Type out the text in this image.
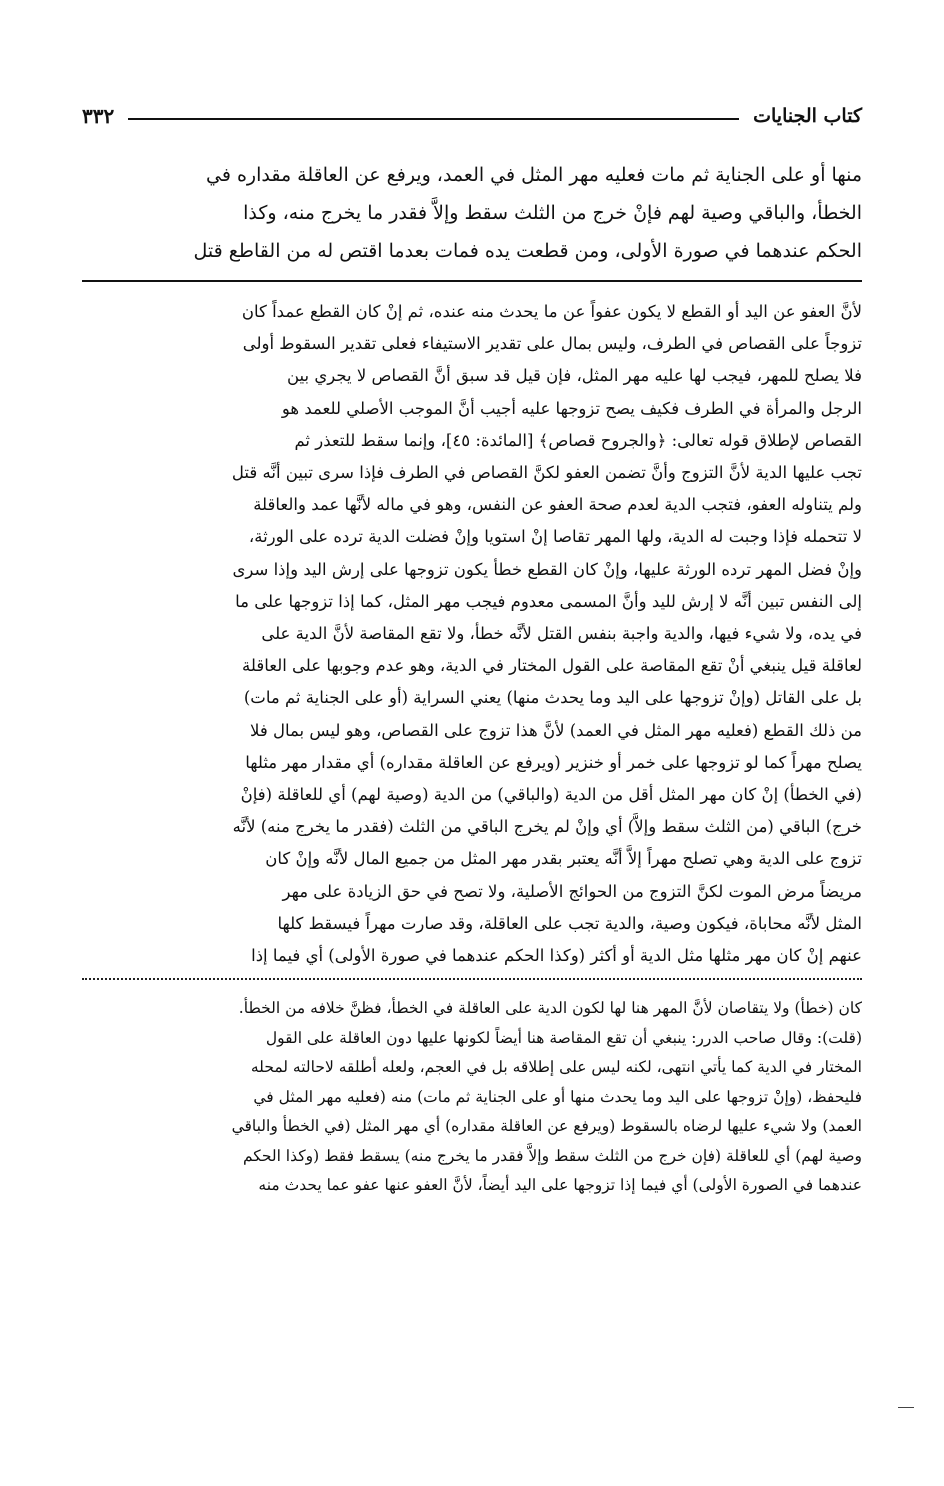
كتاب الجنايات
٣٣٢
منها أو على الجناية ثم مات فعليه مهر المثل في العمد، ويرفع عن العاقلة مقداره في
الخطأ، والباقي وصية لهم فإنْ خرج من الثلث سقط وإلاَّ فقدر ما يخرج منه، وكذا
الحكم عندهما في صورة الأولى، ومن قطعت يده فمات بعدما اقتص له من القاطع قتل
لأنَّ العفو عن اليد أو القطع لا يكون عفواً عن ما يحدث منه عنده، ثم إنْ كان القطع عمداً كان
تزوجاً على القصاص في الطرف، وليس بمال على تقدير الاستيفاء فعلى تقدير السقوط أولى
فلا يصلح للمهر، فيجب لها عليه مهر المثل، فإن قيل قد سبق أنَّ القصاص لا يجري بين
الرجل والمرأة في الطرف فكيف يصح تزوجها عليه أجيب أنَّ الموجب الأصلي للعمد هو
القصاص لإطلاق قوله تعالى: ﴿والجروح قصاص﴾ [المائدة: ٤٥]، وإنما سقط للتعذر ثم
تجب عليها الدية لأنَّ التزوج وأنَّ تضمن العفو لكنَّ القصاص في الطرف فإذا سرى تبين أنَّه قتل
ولم يتناوله العفو، فتجب الدية لعدم صحة العفو عن النفس، وهو في ماله لأنَّها عمد والعاقلة
لا تتحمله فإذا وجبت له الدية، ولها المهر تقاصا إنْ استويا وإنْ فضلت الدية ترده على الورثة،
وإنْ فضل المهر ترده الورثة عليها، وإنْ كان القطع خطأ يكون تزوجها على إرش اليد وإذا سرى
إلى النفس تبين أنَّه لا إرش لليد وأنَّ المسمى معدوم فيجب مهر المثل، كما إذا تزوجها على ما
في يده، ولا شيء فيها، والدية واجبة بنفس القتل لأنَّه خطأ، ولا تقع المقاصة لأنَّ الدية على
لعاقلة قيل ينبغي أنْ تقع المقاصة على القول المختار في الدية، وهو عدم وجوبها على العاقلة
بل على القاتل (وإنْ تزوجها على اليد وما يحدث منها) يعني السراية (أو على الجناية ثم مات)
من ذلك القطع (فعليه مهر المثل في العمد) لأنَّ هذا تزوج على القصاص، وهو ليس بمال فلا
يصلح مهراً كما لو تزوجها على خمر أو خنزير (ويرفع عن العاقلة مقداره) أي مقدار مهر مثلها
(في الخطأ) إنْ كان مهر المثل أقل من الدية (والباقي) من الدية (وصية لهم) أي للعاقلة (فإنْ
خرج) الباقي (من الثلث سقط وإلاَّ) أي وإنْ لم يخرج الباقي من الثلث (فقدر ما يخرج منه) لأنَّه
تزوج على الدية وهي تصلح مهراً إلاَّ أنَّه يعتبر بقدر مهر المثل من جميع المال لأنَّه وإنْ كان
مريضاً مرض الموت لكنَّ التزوج من الحوائج الأصلية، ولا تصح في حق الزيادة على مهر
المثل لأنَّه محاباة، فيكون وصية، والدية تجب على العاقلة، وقد صارت مهراً فيسقط كلها
عنهم إنْ كان مهر مثلها مثل الدية أو أكثر (وكذا الحكم عندهما في صورة الأولى) أي فيما إذا
كان (خطأ) ولا يتقاصان لأنَّ المهر هنا لها لكون الدية على العاقلة في الخطأ، فظنَّ خلافه من الخطأ.
(قلت): وقال صاحب الدرر: ينبغي أن تقع المقاصة هنا أيضاً لكونها عليها دون العاقلة على القول
المختار في الدية كما يأتي انتهى، لكنه ليس على إطلاقه بل في العجم، ولعله أطلقه لاحالته لمحله
فليحفظ، (وإنْ تزوجها على اليد وما يحدث منها أو على الجناية ثم مات) منه (فعليه مهر المثل في
العمد) ولا شيء عليها لرضاه بالسقوط (ويرفع عن العاقلة مقداره) أي مهر المثل (في الخطأ والباقي
وصية لهم) أي للعاقلة (فإن خرج من الثلث سقط وإلاَّ فقدر ما يخرج منه) يسقط فقط (وكذا الحكم
عندهما في الصورة الأولى) أي فيما إذا تزوجها على اليد أيضاً، لأنَّ العفو عنها عفو عما يحدث منه
